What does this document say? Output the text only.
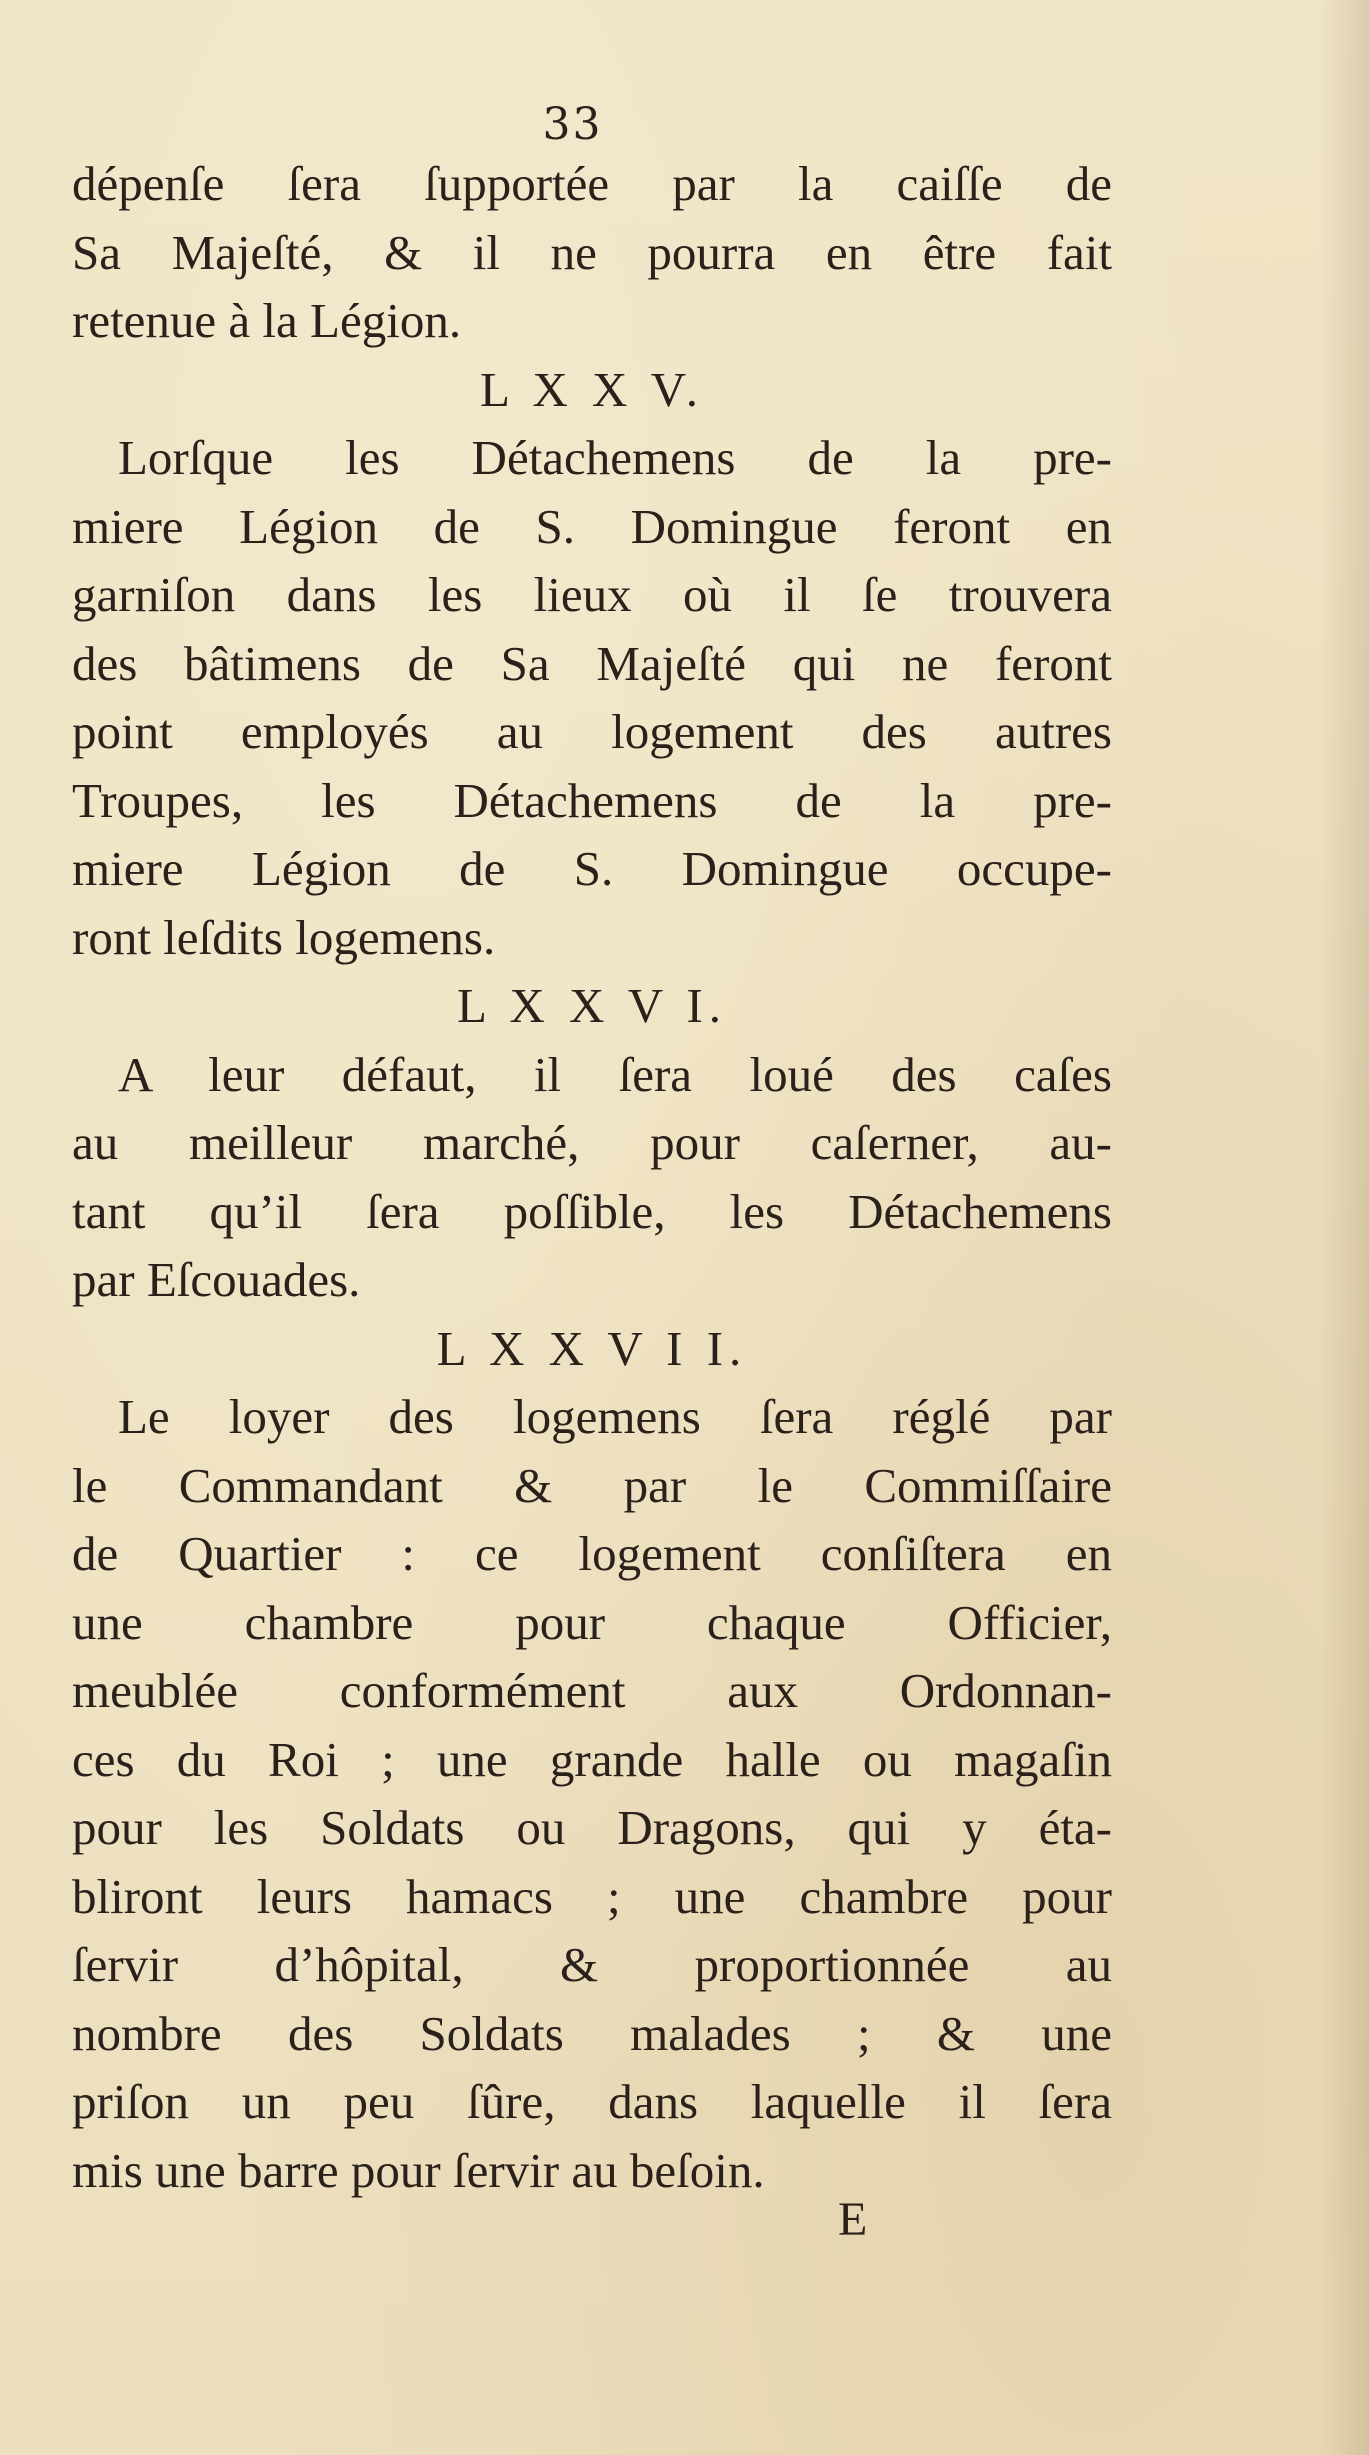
33
dépenſe ſera ſupportée par la caiſſe de
Sa Majeſté, & il ne pourra en être fait
retenue à la Légion.
L X X V.
Lorſque les Détachemens de la pre-
miere Légion de S. Domingue feront en
garniſon dans les lieux où il ſe trouvera
des bâtimens de Sa Majeſté qui ne feront
point employés au logement des autres
Troupes, les Détachemens de la pre-
miere Légion de S. Domingue occupe-
ront leſdits logemens.
L X X V I.
A leur défaut, il ſera loué des caſes
au meilleur marché, pour caſerner, au-
tant qu’il ſera poſſible, les Détachemens
par Eſcouades.
L X X V I I.
Le loyer des logemens ſera réglé par
le Commandant & par le Commiſſaire
de Quartier : ce logement conſiſtera en
une chambre pour chaque Officier,
meublée conformément aux Ordonnan-
ces du Roi ; une grande halle ou magaſin
pour les Soldats ou Dragons, qui y éta-
bliront leurs hamacs ; une chambre pour
ſervir d’hôpital, & proportionnée au
nombre des Soldats malades ; & une
priſon un peu ſûre, dans laquelle il ſera
mis une barre pour ſervir au beſoin.
E
